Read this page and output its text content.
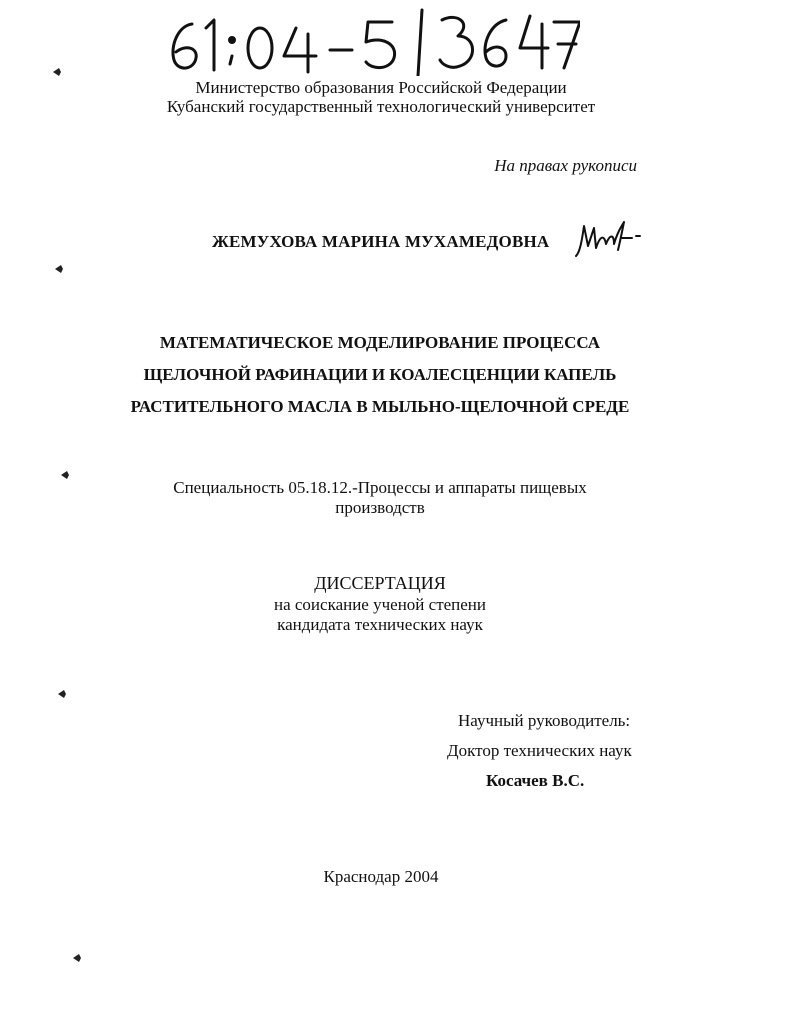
Министерство образования Российской Федерации
Кубанский государственный технологический университет
На правах рукописи
ЖЕМУХОВА МАРИНА МУХАМЕДОВНА
МАТЕМАТИЧЕСКОЕ МОДЕЛИРОВАНИЕ ПРОЦЕССА
ЩЕЛОЧНОЙ РАФИНАЦИИ И КОАЛЕСЦЕНЦИИ КАПЕЛЬ
РАСТИТЕЛЬНОГО МАСЛА В МЫЛЬНО-ЩЕЛОЧНОЙ СРЕДЕ
Специальность 05.18.12.-Процессы и аппараты пищевых
производств
ДИССЕРТАЦИЯ
на соискание ученой степени
кандидата технических наук
Научный руководитель:
Доктор технических наук
Косачев В.С.
Краснодар 2004
